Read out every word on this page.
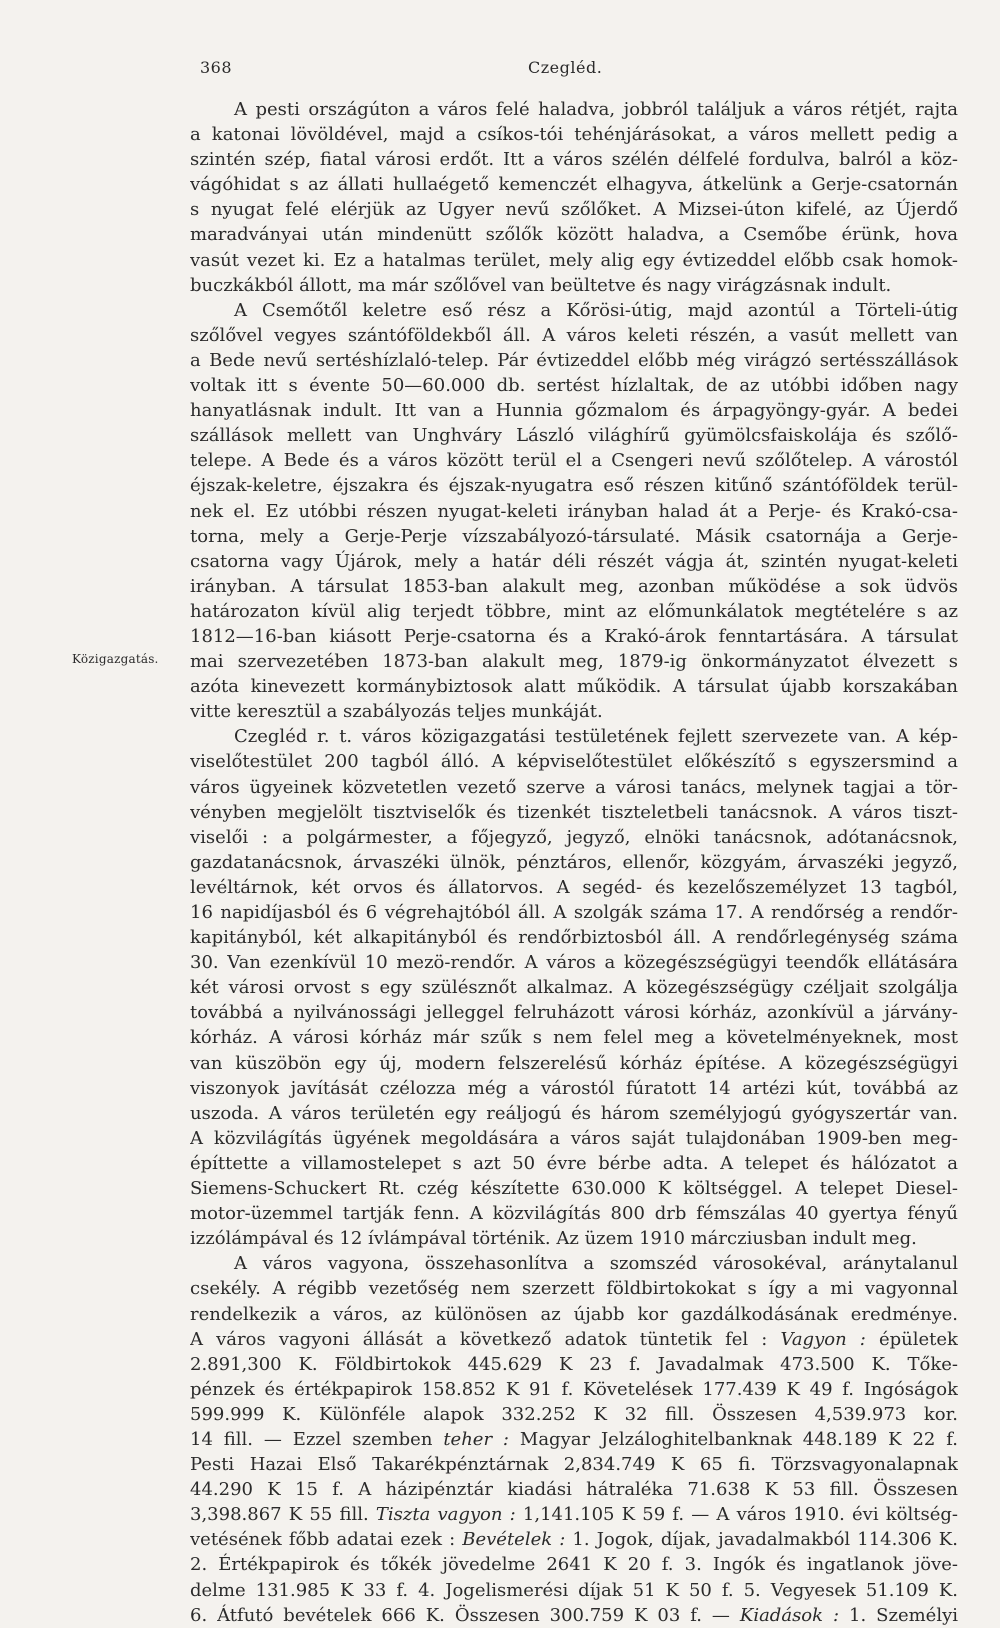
368	Czegléd.
Közigazgatás.
A pesti országúton a város felé haladva, jobbról találjuk a város rétjét, rajta
a katonai lövöldével, majd a csíkos-tói tehénjárásokat, a város mellett pedig a
szintén szép, fiatal városi erdőt. Itt a város szélén délfelé fordulva, balról a köz-
vágóhidat s az állati hullaégető kemenczét elhagyva, átkelünk a Gerje-csatornán
s nyugat felé elérjük az Ugyer nevű szőlőket. A Mizsei-úton kifelé, az Újerdő
maradványai után mindenütt szőlők között haladva, a Csemőbe érünk, hova
vasút vezet ki. Ez a hatalmas terület, mely alig egy évtizeddel előbb csak homok-
buczkákból állott, ma már szőlővel van beültetve és nagy virágzásnak indult.
A Csemőtől keletre eső rész a Kőrösi-útig, majd azontúl a Törteli-útig
szőlővel vegyes szántóföldekből áll. A város keleti részén, a vasút mellett van
a Bede nevű sertéshízlaló-telep. Pár évtizeddel előbb még virágzó sertésszállások
voltak itt s évente 50—60.000 db. sertést hízlaltak, de az utóbbi időben nagy
hanyatlásnak indult. Itt van a Hunnia gőzmalom és árpagyöngy-gyár. A bedei
szállások mellett van Unghváry László világhírű gyümölcsfaiskolája és szőlő-
telepe. A Bede és a város között terül el a Csengeri nevű szőlőtelep. A várostól
éjszak-keletre, éjszakra és éjszak-nyugatra eső részen kitűnő szántóföldek terül-
nek el. Ez utóbbi részen nyugat-keleti irányban halad át a Perje- és Krakó-csa-
torna, mely a Gerje-Perje vízszabályozó-társulaté. Másik csatornája a Gerje-
csatorna vagy Újárok, mely a határ déli részét vágja át, szintén nyugat-keleti
irányban. A társulat 1853-ban alakult meg, azonban működése a sok üdvös
határozaton kívül alig terjedt többre, mint az előmunkálatok megtételére s az
1812—16-ban kiásott Perje-csatorna és a Krakó-árok fenntartására. A társulat
mai szervezetében 1873-ban alakult meg, 1879-ig önkormányzatot élvezett s
azóta kinevezett kormánybiztosok alatt működik. A társulat újabb korszakában
vitte keresztül a szabályozás teljes munkáját.
Czegléd r. t. város közigazgatási testületének fejlett szervezete van. A kép-
viselőtestület 200 tagból álló. A képviselőtestület előkészítő s egyszersmind a
város ügyeinek közvetetlen vezető szerve a városi tanács, melynek tagjai a tör-
vényben megjelölt tisztviselők és tizenkét tiszteletbeli tanácsnok. A város tiszt-
viselői : a polgármester, a főjegyző, jegyző, elnöki tanácsnok, adótanácsnok,
gazdatanácsnok, árvaszéki ülnök, pénztáros, ellenőr, közgyám, árvaszéki jegyző,
levéltárnok, két orvos és állatorvos. A segéd- és kezelőszemélyzet 13 tagból,
16 napidíjasból és 6 végrehajtóból áll. A szolgák száma 17. A rendőrség a rendőr-
kapitányból, két alkapitányból és rendőrbiztosból áll. A rendőrlegénység száma
30. Van ezenkívül 10 mezö-rendőr. A város a közegészségügyi teendők ellátására
két városi orvost s egy szülésznőt alkalmaz. A közegészségügy czéljait szolgálja
továbbá a nyilvánossági jelleggel felruházott városi kórház, azonkívül a járvány-
kórház. A városi kórház már szűk s nem felel meg a követelményeknek, most
van küszöbön egy új, modern felszerelésű kórház építése. A közegészségügyi
viszonyok javítását czélozza még a várostól fúratott 14 artézi kút, továbbá az
uszoda. A város területén egy reáljogú és három személyjogú gyógyszertár van.
A közvilágítás ügyének megoldására a város saját tulajdonában 1909-ben meg-
építtette a villamostelepet s azt 50 évre bérbe adta. A telepet és hálózatot a
Siemens-Schuckert Rt. czég készítette 630.000 K költséggel. A telepet Diesel-
motor-üzemmel tartják fenn. A közvilágítás 800 drb fémszálas 40 gyertya fényű
izzólámpával és 12 ívlámpával történik. Az üzem 1910 márcziusban indult meg.
A város vagyona, összehasonlítva a szomszéd városokéval, aránytalanul
csekély. A régibb vezetőség nem szerzett földbirtokokat s így a mi vagyonnal
rendelkezik a város, az különösen az újabb kor gazdálkodásának eredménye.
A város vagyoni állását a következő adatok tüntetik fel : Vagyon : épületek
2.891,300 K. Földbirtokok 445.629 K 23 f. Javadalmak 473.500 K. Tőke-
pénzek és értékpapirok 158.852 K 91 f. Követelések 177.439 K 49 f. Ingóságok
599.999 K. Különféle alapok 332.252 K 32 fill. Összesen 4,539.973 kor.
14 fill. — Ezzel szemben teher : Magyar Jelzáloghitelbanknak 448.189 K 22 f.
Pesti Hazai Első Takarékpénztárnak 2,834.749 K 65 fi. Törzsvagyonalapnak
44.290 K 15 f. A házipénztár kiadási hátraléka 71.638 K 53 fill. Összesen
3,398.867 K 55 fill. Tiszta vagyon : 1,141.105 K 59 f. — A város 1910. évi költség-
vetésének főbb adatai ezek : Bevételek : 1. Jogok, díjak, javadalmakból 114.306 K.
2. Értékpapirok és tőkék jövedelme 2641 K 20 f. 3. Ingók és ingatlanok jöve-
delme 131.985 K 33 f. 4. Jogelismerési díjak 51 K 50 f. 5. Vegyesek 51.109 K.
6. Átfutó bevételek 666 K. Összesen 300.759 K 03 f. — Kiadások : 1. Személyi
